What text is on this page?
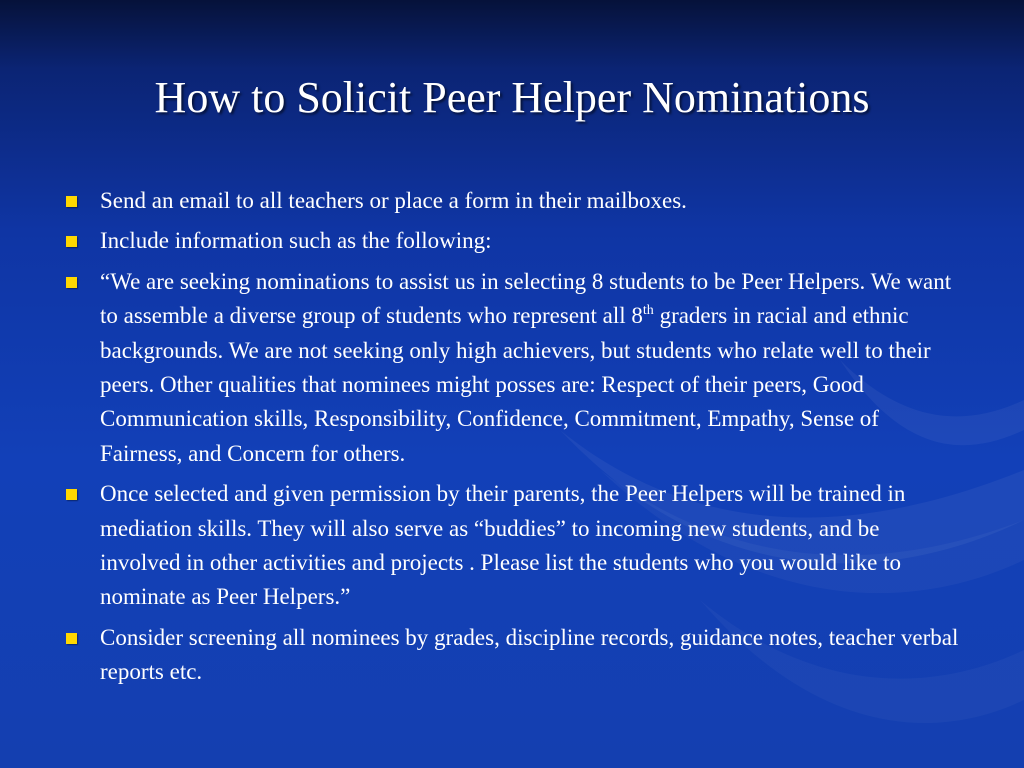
How to Solicit Peer Helper Nominations
Send an email to all teachers or place a form in their mailboxes.
Include information such as the following:
“We are seeking nominations to assist us in selecting 8 students to be Peer Helpers. We want to assemble a diverse group of students who represent all 8th graders in racial and ethnic backgrounds. We are not seeking only high achievers, but students who relate well to their peers. Other qualities that nominees might posses are: Respect of their peers, Good Communication skills, Responsibility, Confidence, Commitment, Empathy, Sense of Fairness, and Concern for others.
Once selected and given permission by their parents, the Peer Helpers will be trained in mediation skills. They will also serve as “buddies” to incoming new students, and be involved in other activities and projects . Please list the students who you would like to nominate as Peer Helpers.”
Consider screening all nominees by grades, discipline records, guidance notes, teacher verbal reports etc.
